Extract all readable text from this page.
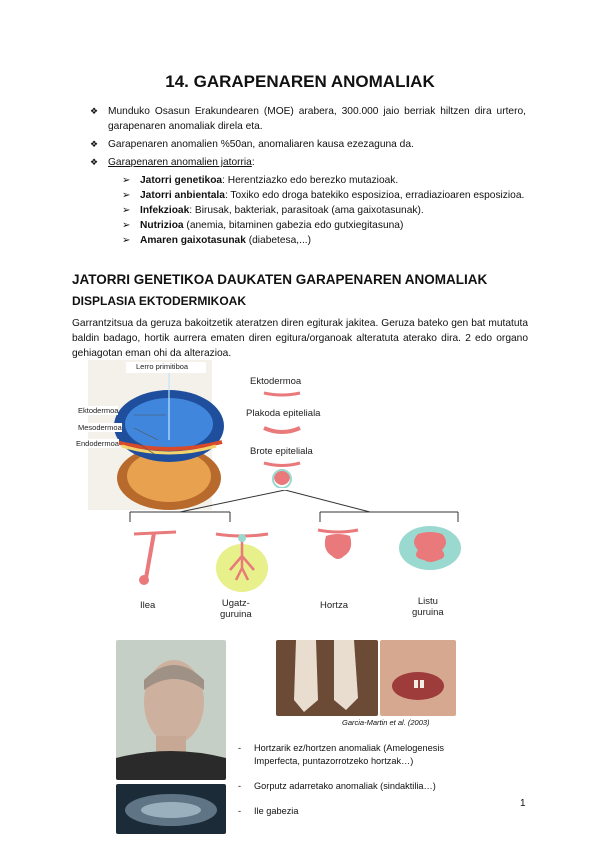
14. GARAPENAREN ANOMALIAK
❖ Munduko Osasun Erakundearen (MOE) arabera, 300.000 jaio berriak hiltzen dira urtero, garapenaren anomaliak direla eta.
❖ Garapenaren anomalien %50an, anomaliaren kausa ezezaguna da.
❖ Garapenaren anomalien jatorria:
➢ Jatorri genetikoa: Herentziazko edo berezko mutazioak.
➢ Jatorri anbientala: Toxiko edo droga batekiko esposizioa, erradiazioaren esposizioa.
➢ Infekzioak: Birusak, bakteriak, parasitoak (ama gaixotasunak).
➢ Nutrizioa (anemia, bitaminen gabezia edo gutxiegitasuna)
➢ Amaren gaixotasunak (diabetesa,...)
JATORRI GENETIKOA DAUKATEN GARAPENAREN ANOMALIAK
DISPLASIA EKTODERMIKOAK
Garrantzitsua da geruza bakoitzetik ateratzen diren egiturak jakitea. Geruza bateko gen bat mutatuta baldin badago, hortik aurrera ematen diren egitura/organoak alteratuta aterako dira. 2 edo organo gehiagotan eman ohi da alterazioa.
Lerro primitiboa
Ektodermoa
Mesodermoa
Endodermoa
Ektodermoa
Plakoda epiteliala
Brote epiteliala
Ilea	Ugatz-
guruina
Hortza	Listu
guruina
Garcia-Martin et al. (2003)
- Hortzarik ez/hortzen anomaliak (Amelogenesis Imperfecta, puntazorrotzeko hortzak…)
- Gorputz adarretako anomaliak (sindaktilia…)
- Ile gabezia
1
